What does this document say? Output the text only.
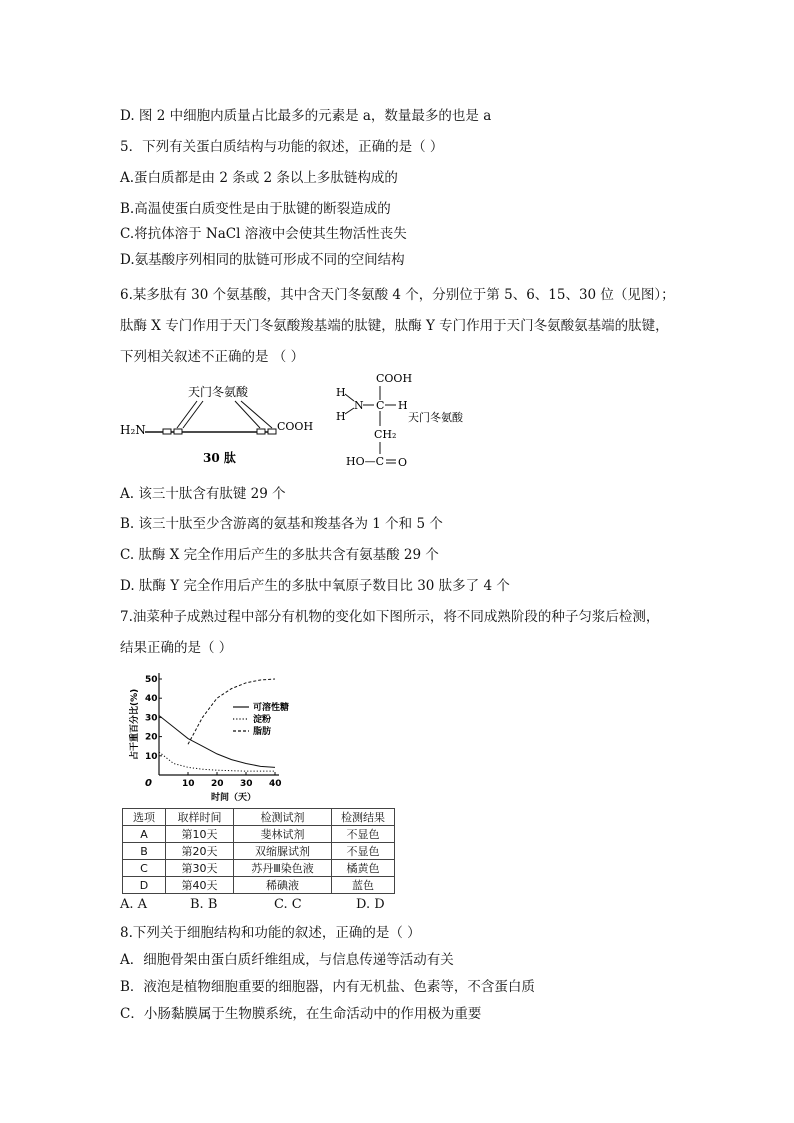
D. 图 2 中细胞内质量占比最多的元素是 a，数量最多的也是 a
5．下列有关蛋白质结构与功能的叙述，正确的是（ ）
A.蛋白质都是由 2 条或 2 条以上多肽链构成的
B.高温使蛋白质变性是由于肽键的断裂造成的
C.将抗体溶于 NaCl 溶液中会使其生物活性丧失
D.氨基酸序列相同的肽链可形成不同的空间结构
6.某多肽有 30 个氨基酸，其中含天门冬氨酸 4 个，分别位于第 5、6、15、30 位（见图）；
肽酶 X 专门作用于天门冬氨酸羧基端的肽键，肽酶 Y 专门作用于天门冬氨酸氨基端的肽键，
下列相关叙述不正确的是 （ ）
天门冬氨酸
H₂N	COOH
30 肽
COOH
H
H
N C H
天门冬氨酸
CH₂
HO—C O
A. 该三十肽含有肽键 29 个
B. 该三十肽至少含游离的氨基和羧基各为 1 个和 5 个
C. 肽酶 X 完全作用后产生的多肽共含有氨基酸 29 个
D. 肽酶 Y 完全作用后产生的多肽中氧原子数目比 30 肽多了 4 个
7.油菜种子成熟过程中部分有机物的变化如下图所示，将不同成熟阶段的种子匀浆后检测，
结果正确的是（ ）
占干重百分比(%)
时间（天）
0	10 20 30 40
10
20
30
40
50
可溶性糖
淀粉
脂肪
选项	取样时间	检测试剂	检测结果
A	第10天	斐林试剂	不显色
B	第20天	双缩脲试剂	不显色
C	第30天	苏丹Ⅲ染色液	橘黄色
D	第40天	稀碘液	蓝色
A. A	B. B	C. C	D. D
8.下列关于细胞结构和功能的叙述，正确的是（ ）
A．细胞骨架由蛋白质纤维组成，与信息传递等活动有关
B．液泡是植物细胞重要的细胞器，内有无机盐、色素等，不含蛋白质
C．小肠黏膜属于生物膜系统，在生命活动中的作用极为重要
